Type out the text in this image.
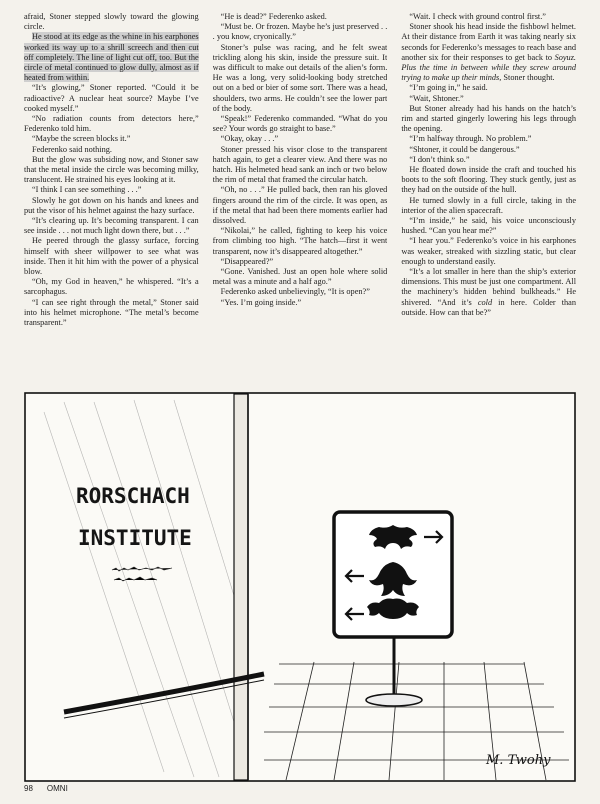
afraid, Stoner stepped slowly toward the glowing circle.

He stood at its edge as the whine in his earphones worked its way up to a shrill screech and then cut off completely. The line of light cut off, too. But the circle of metal continued to glow dully, almost as if heated from within.

“It’s glowing,” Stoner reported. “Could it be radioactive? A nuclear heat source? Maybe I’ve cooked myself.”

“No radiation counts from detectors here,” Federenko told him.

“Maybe the screen blocks it.”

Federenko said nothing.

But the glow was subsiding now, and Stoner saw that the metal inside the circle was becoming milky, translucent. He strained his eyes looking at it.

“I think I can see something . . .”

Slowly he got down on his hands and knees and put the visor of his helmet against the hazy surface.

“It’s clearing up. It’s becoming transparent. I can see inside . . . not much light down there, but . . .”

He peered through the glassy surface, forcing himself with sheer willpower to see what was inside. Then it hit him with the power of a physical blow.

“Oh, my God in heaven,” he whispered. “It’s a sarcophagus.

“I can see right through the metal,” Stoner said into his helmet microphone. “The metal’s become transparent.”

“He is dead?” Federenko asked.

“Must be. Or frozen. Maybe he’s just preserved . . . you know, cryonically.”

Stoner’s pulse was racing, and he felt sweat trickling along his skin, inside the pressure suit. It was difficult to make out details of the alien’s form. He was a long, very solid-looking body stretched out on a bed or bier of some sort. There was a head, shoulders, two arms. He couldn’t see the lower part of the body.

“Speak!” Federenko commanded. “What do you see? Your words go straight to base.”

“Okay, okay . . .”

Stoner pressed his visor close to the transparent hatch again, to get a clearer view. And there was no hatch. His helmeted head sank an inch or two below the rim of metal that framed the circular hatch.

“Oh, no . . .” He pulled back, then ran his gloved fingers around the rim of the circle. It was open, as if the metal that had been there moments earlier had dissolved.

“Nikolai,” he called, fighting to keep his voice from climbing too high. “The hatch—first it went transparent, now it’s disappeared altogether.”

“Disappeared?”

“Gone. Vanished. Just an open hole where solid metal was a minute and a half ago.”

Federenko asked unbelievingly, “It is open?”

“Yes. I’m going inside.”

“Wait. I check with ground control first.”

Stoner shook his head inside the fishbowl helmet. At their distance from Earth it was taking nearly six seconds for Federenko’s messages to reach base and another six for their responses to get back to Soyuz. Plus the time in between while they screw around trying to make up their minds, Stoner thought.

“I’m going in,” he said.

“Wait, Shtoner.”

But Stoner already had his hands on the hatch’s rim and started gingerly lowering his legs through the opening.

“I’m halfway through. No problem.”

“Shtoner, it could be dangerous.”

“I don’t think so.”

He floated down inside the craft and touched his boots to the soft flooring. They stuck gently, just as they had on the outside of the hull.

He turned slowly in a full circle, taking in the interior of the alien spacecraft.

“I’m inside,” he said, his voice unconsciously hushed. “Can you hear me?”

“I hear you.” Federenko’s voice in his earphones was weaker, streaked with sizzling static, but clear enough to understand easily.

“It’s a lot smaller in here than the ship’s exterior dimensions. This must be just one compartment. All the machinery’s hidden behind bulkheads.” He shivered. “And it’s cold in here. Colder than outside. How can that be?”

RORSCHACH
INSTITUTE
M. Twohy
98 OMNI
